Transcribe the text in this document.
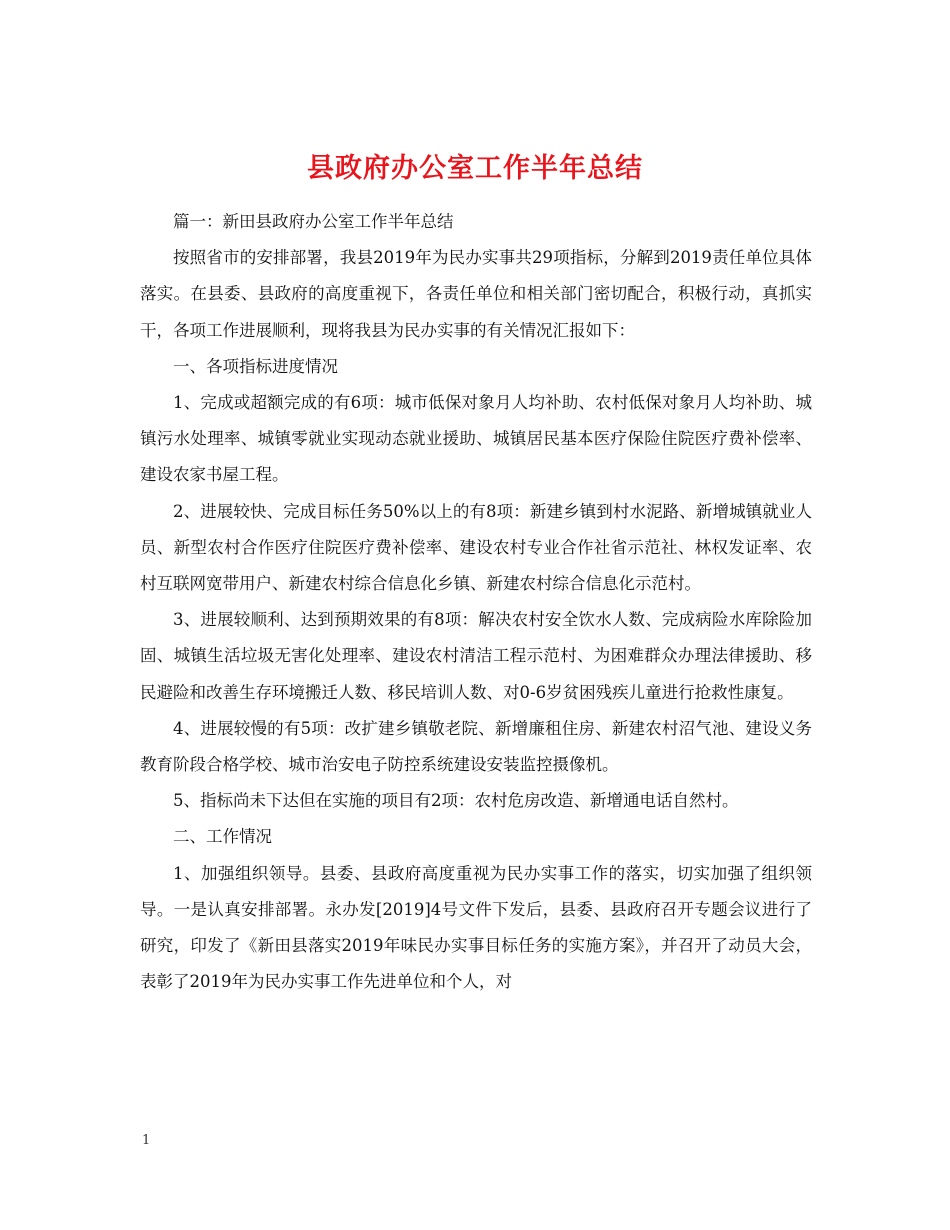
县政府办公室工作半年总结

篇一：新田县政府办公室工作半年总结

按照省市的安排部署，我县2019年为民办实事共29项指标，分解到2019责任单位具体落实。在县委、县政府的高度重视下，各责任单位和相关部门密切配合，积极行动，真抓实干，各项工作进展顺利，现将我县为民办实事的有关情况汇报如下：

一、各项指标进度情况

1、完成或超额完成的有6项：城市低保对象月人均补助、农村低保对象月人均补助、城镇污水处理率、城镇零就业实现动态就业援助、城镇居民基本医疗保险住院医疗费补偿率、建设农家书屋工程。

2、进展较快、完成目标任务50%以上的有8项：新建乡镇到村水泥路、新增城镇就业人员、新型农村合作医疗住院医疗费补偿率、建设农村专业合作社省示范社、林权发证率、农村互联网宽带用户、新建农村综合信息化乡镇、新建农村综合信息化示范村。

3、进展较顺利、达到预期效果的有8项：解决农村安全饮水人数、完成病险水库除险加固、城镇生活垃圾无害化处理率、建设农村清洁工程示范村、为困难群众办理法律援助、移民避险和改善生存环境搬迁人数、移民培训人数、对0-6岁贫困残疾儿童进行抢救性康复。

4、进展较慢的有5项：改扩建乡镇敬老院、新增廉租住房、新建农村沼气池、建设义务教育阶段合格学校、城市治安电子防控系统建设安装监控摄像机。

5、指标尚未下达但在实施的项目有2项：农村危房改造、新增通电话自然村。

二、工作情况

1、加强组织领导。县委、县政府高度重视为民办实事工作的落实，切实加强了组织领导。一是认真安排部署。永办发[2019]4号文件下发后，县委、县政府召开专题会议进行了研究，印发了《新田县落实2019年味民办实事目标任务的实施方案》，并召开了动员大会，表彰了2019年为民办实事工作先进单位和个人，对

1
